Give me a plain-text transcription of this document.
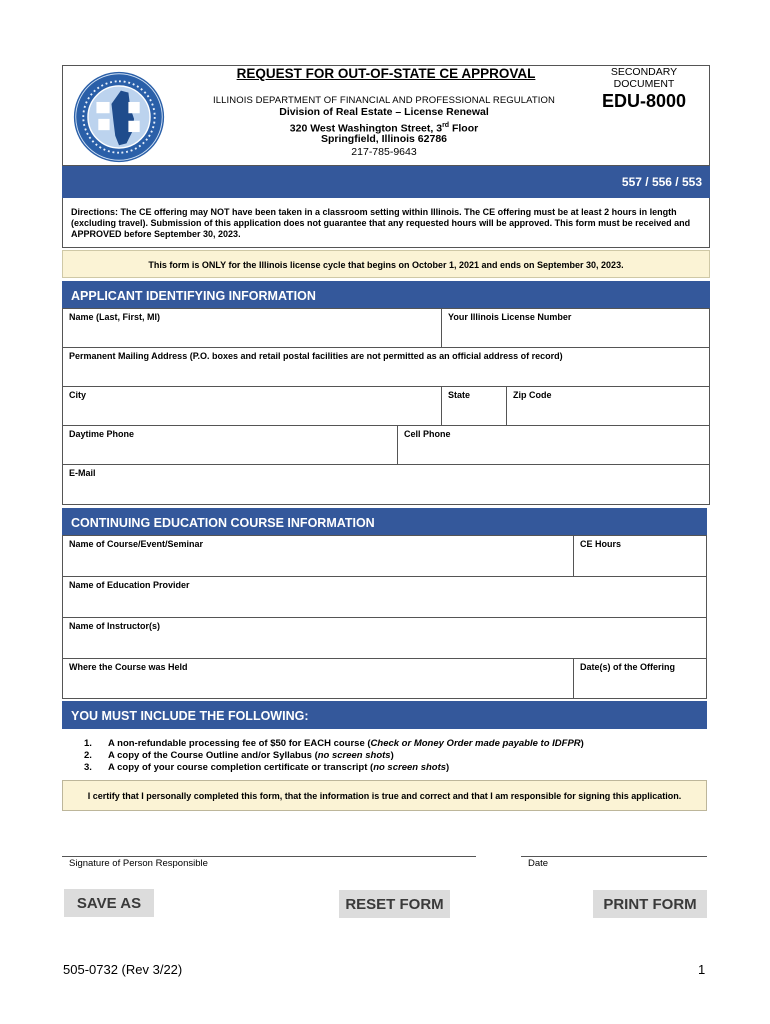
REQUEST FOR OUT-OF-STATE CE APPROVAL	SECONDARY
DOCUMENT
ILLINOIS DEPARTMENT OF FINANCIAL AND PROFESSIONAL REGULATION	EDU-8000
Division of Real Estate – License Renewal
320 West Washington Street, 3rd Floor
Springfield, Illinois 62786
217-785-9643
557 / 556 / 553
Directions: The CE offering may NOT have been taken in a classroom setting within Illinois. The CE offering must be at least 2 hours in length (excluding travel). Submission of this application does not guarantee that any requested hours will be approved. This form must be received and APPROVED before September 30, 2023.
This form is ONLY for the Illinois license cycle that begins on October 1, 2021 and ends on September 30, 2023.
APPLICANT IDENTIFYING INFORMATION
Name (Last, First, MI)	Your Illinois License Number
Permanent Mailing Address (P.O. boxes and retail postal facilities are not permitted as an official address of record)
City	State	Zip Code
Daytime Phone	Cell Phone
E-Mail
CONTINUING EDUCATION COURSE INFORMATION
Name of Course/Event/Seminar	CE Hours
Name of Education Provider
Name of Instructor(s)
Where the Course was Held	Date(s) of the Offering
YOU MUST INCLUDE THE FOLLOWING:
1.	A non-refundable processing fee of $50 for EACH course (Check or Money Order made payable to IDFPR)
2.	A copy of the Course Outline and/or Syllabus (no screen shots)
3.	A copy of your course completion certificate or transcript (no screen shots)
I certify that I personally completed this form, that the information is true and correct and that I am responsible for signing this application.
Signature of Person Responsible	Date
SAVE AS	RESET FORM	PRINT FORM
505-0732 (Rev 3/22)	1
